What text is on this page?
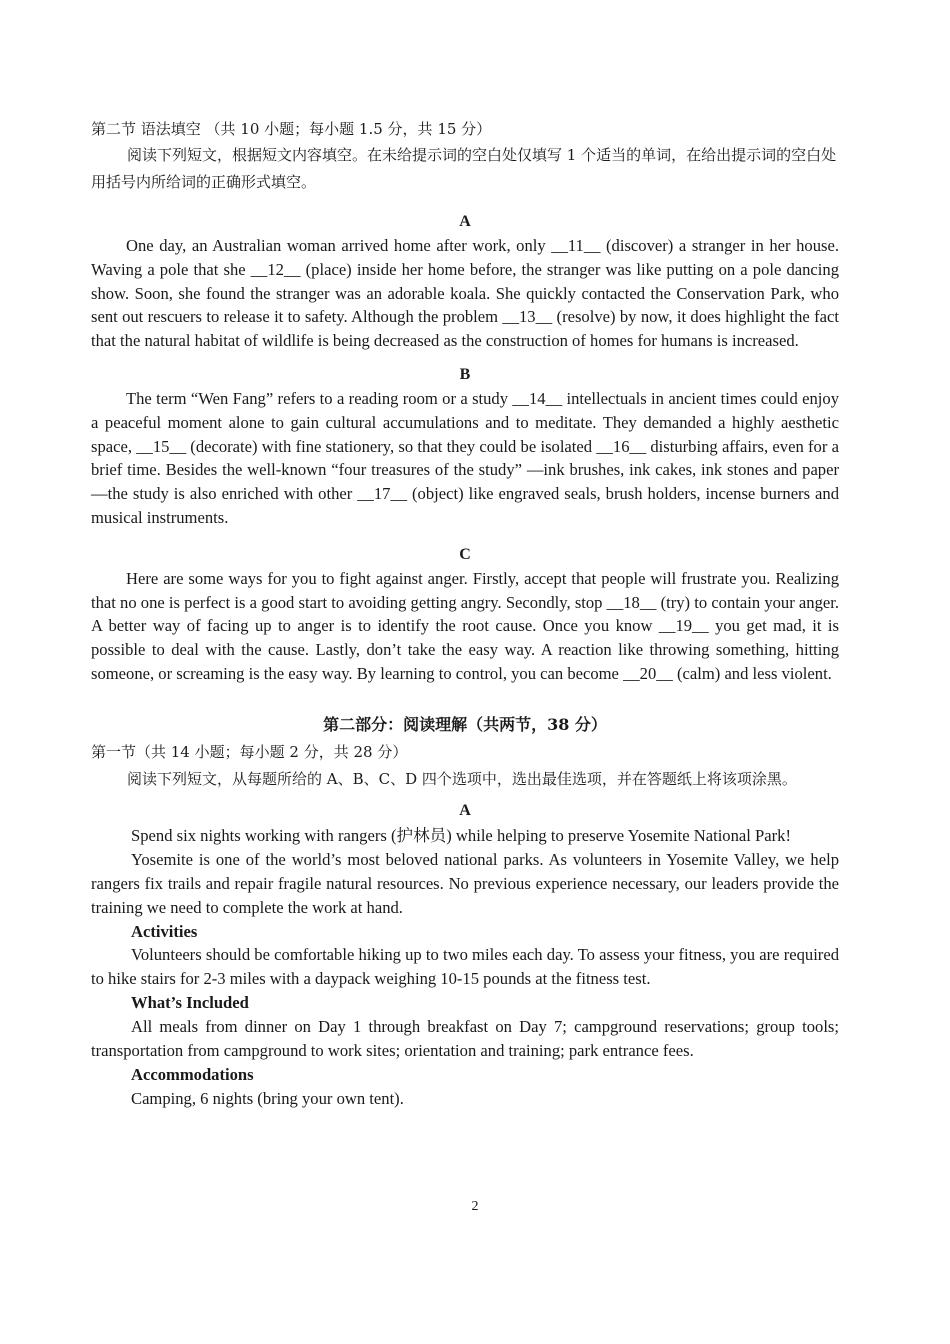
第二节 语法填空 （共 10 小题；每小题 1.5 分，共 15 分）

阅读下列短文，根据短文内容填空。在未给提示词的空白处仅填写 1 个适当的单词，在给出提示词的空白处用括号内所给词的正确形式填空。

A

One day, an Australian woman arrived home after work, only __11__ (discover) a stranger in her house. Waving a pole that she __12__ (place) inside her home before, the stranger was like putting on a pole dancing show. Soon, she found the stranger was an adorable koala. She quickly contacted the Conservation Park, who sent out rescuers to release it to safety. Although the problem __13__ (resolve) by now, it does highlight the fact that the natural habitat of wildlife is being decreased as the construction of homes for humans is increased.

B

The term “Wen Fang” refers to a reading room or a study __14__ intellectuals in ancient times could enjoy a peaceful moment alone to gain cultural accumulations and to meditate. They demanded a highly aesthetic space, __15__ (decorate) with fine stationery, so that they could be isolated __16__ disturbing affairs, even for a brief time. Besides the well-known “four treasures of the study” —ink brushes, ink cakes, ink stones and paper—the study is also enriched with other __17__ (object) like engraved seals, brush holders, incense burners and musical instruments.

C

Here are some ways for you to fight against anger. Firstly, accept that people will frustrate you. Realizing that no one is perfect is a good start to avoiding getting angry. Secondly, stop __18__ (try) to contain your anger. A better way of facing up to anger is to identify the root cause. Once you know __19__ you get mad, it is possible to deal with the cause. Lastly, don’t take the easy way. A reaction like throwing something, hitting someone, or screaming is the easy way. By learning to control, you can become __20__ (calm) and less violent.

第二部分：阅读理解（共两节，38 分）

第一节（共 14 小题；每小题 2 分，共 28 分）

阅读下列短文，从每题所给的 A、B、C、D 四个选项中，选出最佳选项，并在答题纸上将该项涂黑。

A

Spend six nights working with rangers (护林员) while helping to preserve Yosemite National Park!

Yosemite is one of the world’s most beloved national parks. As volunteers in Yosemite Valley, we help rangers fix trails and repair fragile natural resources. No previous experience necessary, our leaders provide the training we need to complete the work at hand.

Activities

Volunteers should be comfortable hiking up to two miles each day. To assess your fitness, you are required to hike stairs for 2-3 miles with a daypack weighing 10-15 pounds at the fitness test.

What’s Included

All meals from dinner on Day 1 through breakfast on Day 7; campground reservations; group tools; transportation from campground to work sites; orientation and training; park entrance fees.

Accommodations

Camping, 6 nights (bring your own tent).

2
